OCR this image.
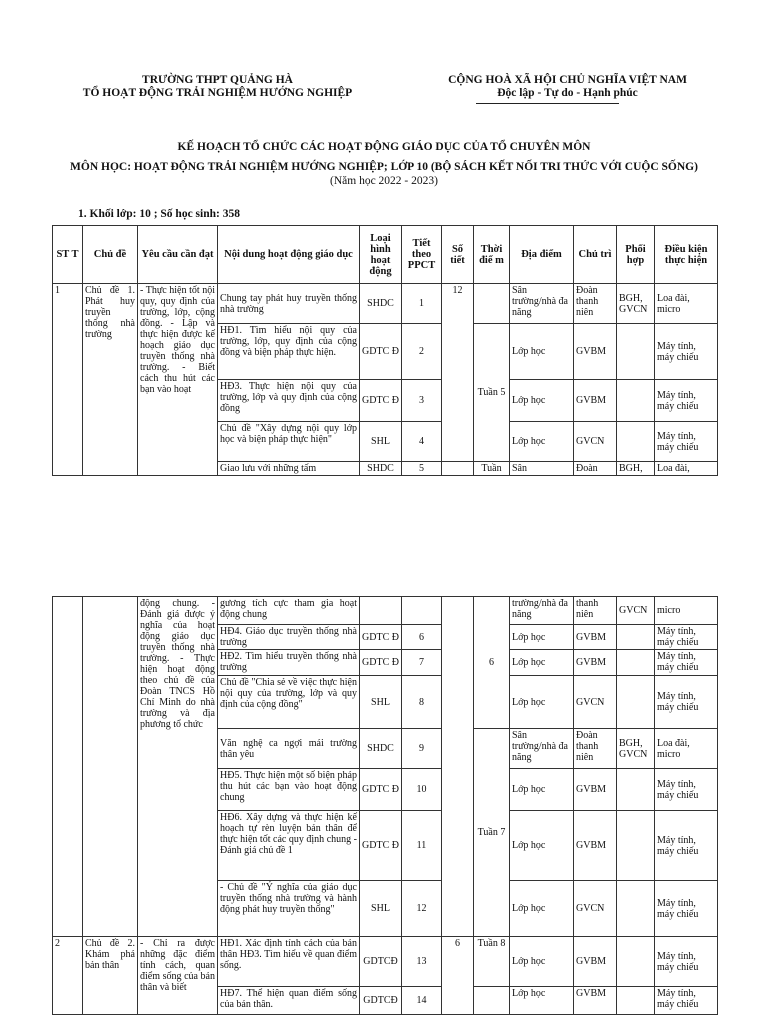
TRƯỜNG THPT QUẢNG HÀ
TỔ HOẠT ĐỘNG TRẢI NGHIỆM HƯỚNG NGHIỆP
CỘNG HOÀ XÃ HỘI CHỦ NGHĨA VIỆT NAM
Độc lập - Tự do - Hạnh phúc
KẾ HOẠCH TỔ CHỨC CÁC HOẠT ĐỘNG GIÁO DỤC CỦA TỔ CHUYÊN MÔN
MÔN HỌC: HOẠT ĐỘNG TRẢI NGHIỆM HƯỚNG NGHIỆP; LỚP 10 (BỘ SÁCH KẾT NỐI TRI THỨC VỚI CUỘC SỐNG)
(Năm học 2022 - 2023)
1. Khối lớp: 10 ; Số học sinh: 358
ST T	Chủ đề	Yêu cầu cần đạt	Nội dung hoạt động giáo dục	Loại hình hoạt động	Tiết theo PPCT	Số tiết	Thời điể m	Địa điểm	Chủ trì	Phối hợp	Điều kiện thực hiện
1	Chủ đề 1. Phát huy truyền thống nhà trường	- Thực hiện tốt nội quy, quy định của trường, lớp, cộng đồng. - Lập và thực hiện được kế hoạch giáo dục truyền thống nhà trường. - Biết cách thu hút các bạn vào hoạt	Chung tay phát huy truyền thống nhà trường	SHDC	1	12		Sân trường/nhà đa năng	Đoàn thanh niên	BGH, GVCN	Loa đài, micro
			HĐ1. Tìm hiểu nội quy của trường, lớp, quy định của cộng đồng và biện pháp thực hiện.	GDTC Đ	2		Tuần 5	Lớp học	GVBM		Máy tính, máy chiếu
			HĐ3. Thực hiện nội quy của trường, lớp và quy định của cộng đồng	GDTC Đ	3			Lớp học	GVBM		Máy tính, máy chiếu
			Chủ đề "Xây dựng nội quy lớp học và biện pháp thực hiện"	SHL	4			Lớp học	GVCN		Máy tính, máy chiếu
			Giao lưu với những tấm	SHDC	5		Tuần	Sân	Đoàn	BGH,	Loa đài,
		động chung. - Đánh giá được ý nghĩa của hoạt động giáo dục truyền thống nhà trường. - Thực hiện hoạt động theo chủ đề của Đoàn TNCS Hồ Chí Minh do nhà trường và địa phương tổ chức	gương tích cực tham gia hoạt động chung				6	trường/nhà đa năng	thanh niên	GVCN	micro
			HĐ4. Giáo dục truyền thống nhà trường	GDTC Đ	6			Lớp học	GVBM		Máy tính, máy chiếu
			HĐ2. Tìm hiểu truyền thống nhà trường	GDTC Đ	7			Lớp học	GVBM		Máy tính, máy chiếu
			Chủ đề "Chia sẻ về việc thực hiện nội quy của trường, lớp và quy định của cộng đồng"	SHL	8			Lớp học	GVCN		Máy tính, máy chiếu
			Văn nghệ ca ngợi mái trường thân yêu	SHDC	9		Tuần 7	Sân trường/nhà đa năng	Đoàn thanh niên	BGH, GVCN	Loa đài, micro
			HĐ5. Thực hiện một số biện pháp thu hút các bạn vào hoạt động chung	GDTC Đ	10			Lớp học	GVBM		Máy tính, máy chiếu
			HĐ6. Xây dựng và thực hiện kế hoạch tự rèn luyện bản thân để thực hiện tốt các quy định chung - Đánh giá chủ đề 1	GDTC Đ	11			Lớp học	GVBM		Máy tính, máy chiếu
			- Chủ đề "Ý nghĩa của giáo dục truyền thống nhà trường và hành động phát huy truyền thống"	SHL	12			Lớp học	GVCN		Máy tính, máy chiếu
2	Chủ đề 2. Khám phá bản thân	- Chỉ ra được những đặc điểm tính cách, quan điểm sống của bản thân và biết	HĐ1. Xác định tính cách của bản thân HĐ3. Tìm hiểu về quan điểm sống.	GDTCĐ	13	6	Tuần 8	Lớp học	GVBM		Máy tính, máy chiếu
			HĐ7. Thể hiện quan điểm sống của bản thân.	GDTCĐ	14			Lớp học	GVBM		Máy tính, máy chiếu
